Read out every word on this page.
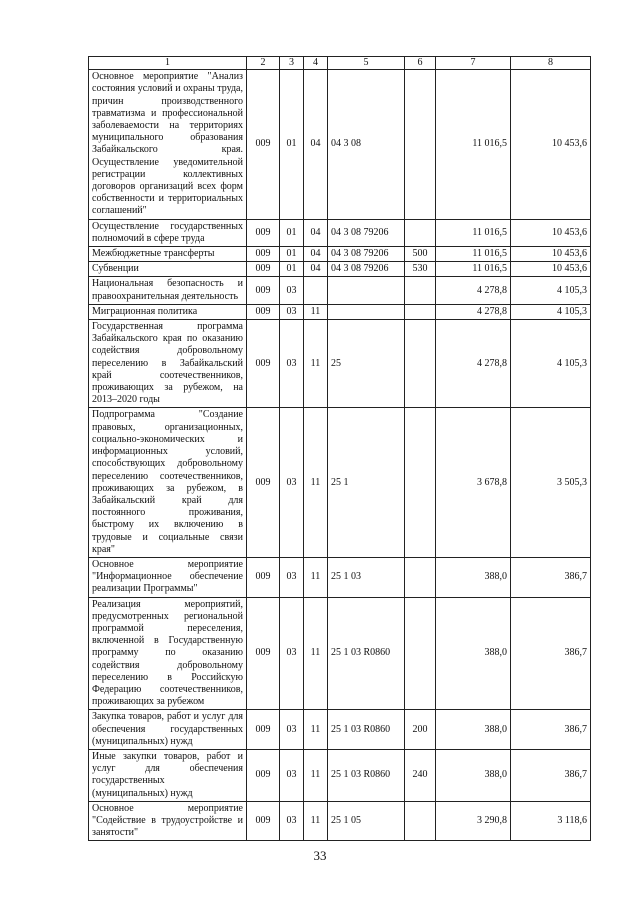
1	2	3	4	5	6	7	8
Основное мероприятие "Анализ состояния условий и охраны труда, причин производственного травматизма и профессиональной заболеваемости на территориях муниципального образования Забайкальского края. Осуществление уведомительной регистрации коллективных договоров организаций всех форм собственности и территориальных соглашений"	009	01	04	04 3 08		11 016,5	10 453,6
Осуществление государственных полномочий в сфере труда	009	01	04	04 3 08 79206		11 016,5	10 453,6
Межбюджетные трансферты	009	01	04	04 3 08 79206	500	11 016,5	10 453,6
Субвенции	009	01	04	04 3 08 79206	530	11 016,5	10 453,6
Национальная безопасность и правоохранительная деятельность	009	03				4 278,8	4 105,3
Миграционная политика	009	03	11			4 278,8	4 105,3
Государственная программа Забайкальского края по оказанию содействия добровольному переселению в Забайкальский край соотечественников, проживающих за рубежом, на 2013–2020 годы	009	03	11	25		4 278,8	4 105,3
Подпрограмма "Создание правовых, организационных, социально-экономических и информационных условий, способствующих добровольному переселению соотечественников, проживающих за рубежом, в Забайкальский край для постоянного проживания, быстрому их включению в трудовые и социальные связи края"	009	03	11	25 1		3 678,8	3 505,3
Основное мероприятие "Информационное обеспечение реализации Программы"	009	03	11	25 1 03		388,0	386,7
Реализация мероприятий, предусмотренных региональной программой переселения, включенной в Государственную программу по оказанию содействия добровольному переселению в Российскую Федерацию соотечественников, проживающих за рубежом	009	03	11	25 1 03 R0860		388,0	386,7
Закупка товаров, работ и услуг для обеспечения государственных (муниципальных) нужд	009	03	11	25 1 03 R0860	200	388,0	386,7
Иные закупки товаров, работ и услуг для обеспечения государственных (муниципальных) нужд	009	03	11	25 1 03 R0860	240	388,0	386,7
Основное мероприятие "Содействие в трудоустройстве и занятости"	009	03	11	25 1 05		3 290,8	3 118,6
33
